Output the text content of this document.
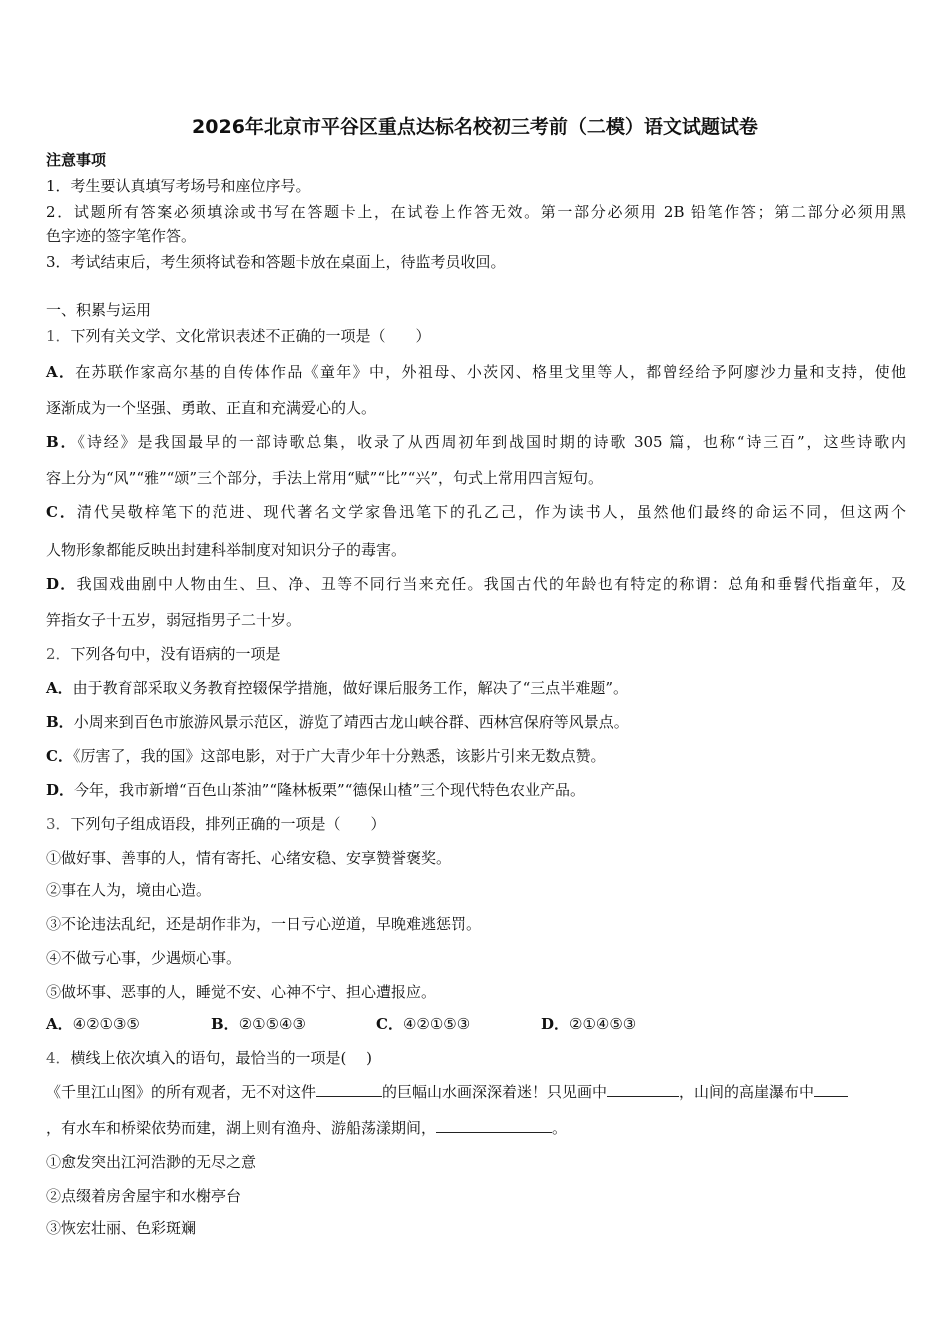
2026年北京市平谷区重点达标名校初三考前（二模）语文试题试卷
注意事项
1．考生要认真填写考场号和座位序号。
2．试题所有答案必须填涂或书写在答题卡上，在试卷上作答无效。第一部分必须用 2B 铅笔作答；第二部分必须用黑
色字迹的签字笔作答。
3．考试结束后，考生须将试卷和答题卡放在桌面上，待监考员收回。
一、积累与运用
1．下列有关文学、文化常识表述不正确的一项是（　　）
A．在苏联作家高尔基的自传体作品《童年》中，外祖母、小茨冈、格里戈里等人，都曾经给予阿廖沙力量和支持，使他
逐渐成为一个坚强、勇敢、正直和充满爱心的人。
B．《诗经》是我国最早的一部诗歌总集，收录了从西周初年到战国时期的诗歌 305 篇，也称“诗三百”，这些诗歌内
容上分为“风”“雅”“颂”三个部分，手法上常用“赋”“比”“兴”，句式上常用四言短句。
C．清代吴敬梓笔下的范进、现代著名文学家鲁迅笔下的孔乙己，作为读书人，虽然他们最终的命运不同，但这两个
人物形象都能反映出封建科举制度对知识分子的毒害。
D．我国戏曲剧中人物由生、旦、净、丑等不同行当来充任。我国古代的年龄也有特定的称谓：总角和垂髫代指童年，及
笄指女子十五岁，弱冠指男子二十岁。
2．下列各句中，没有语病的一项是
A．由于教育部采取义务教育控辍保学措施，做好课后服务工作，解决了“三点半难题”。
B．小周来到百色市旅游风景示范区，游览了靖西古龙山峡谷群、西林宫保府等风景点。
C．《厉害了，我的国》这部电影，对于广大青少年十分熟悉，该影片引来无数点赞。
D．今年，我市新增“百色山茶油”“隆林板栗”“德保山楂”三个现代特色农业产品。
3．下列句子组成语段，排列正确的一项是（　　）
①做好事、善事的人，情有寄托、心绪安稳、安享赞誉褒奖。
②事在人为，境由心造。
③不论违法乱纪，还是胡作非为，一日亏心逆道，早晚难逃惩罚。
④不做亏心事，少遇烦心事。
⑤做坏事、恶事的人，睡觉不安、心神不宁、担心遭报应。
A．④②①③⑤	B．②①⑤④③	C．④②①⑤③	D．②①④⑤③
4．横线上依次填入的语句，最恰当的一项是(　 )
《千里江山图》的所有观者，无不对这件	的巨幅山水画深深着迷！只见画中	，山间的高崖瀑布中
，有水车和桥梁依势而建，湖上则有渔舟、游船荡漾期间，	。
①愈发突出江河浩渺的无尽之意
②点缀着房舍屋宇和水榭亭台
③恢宏壮丽、色彩斑斓
